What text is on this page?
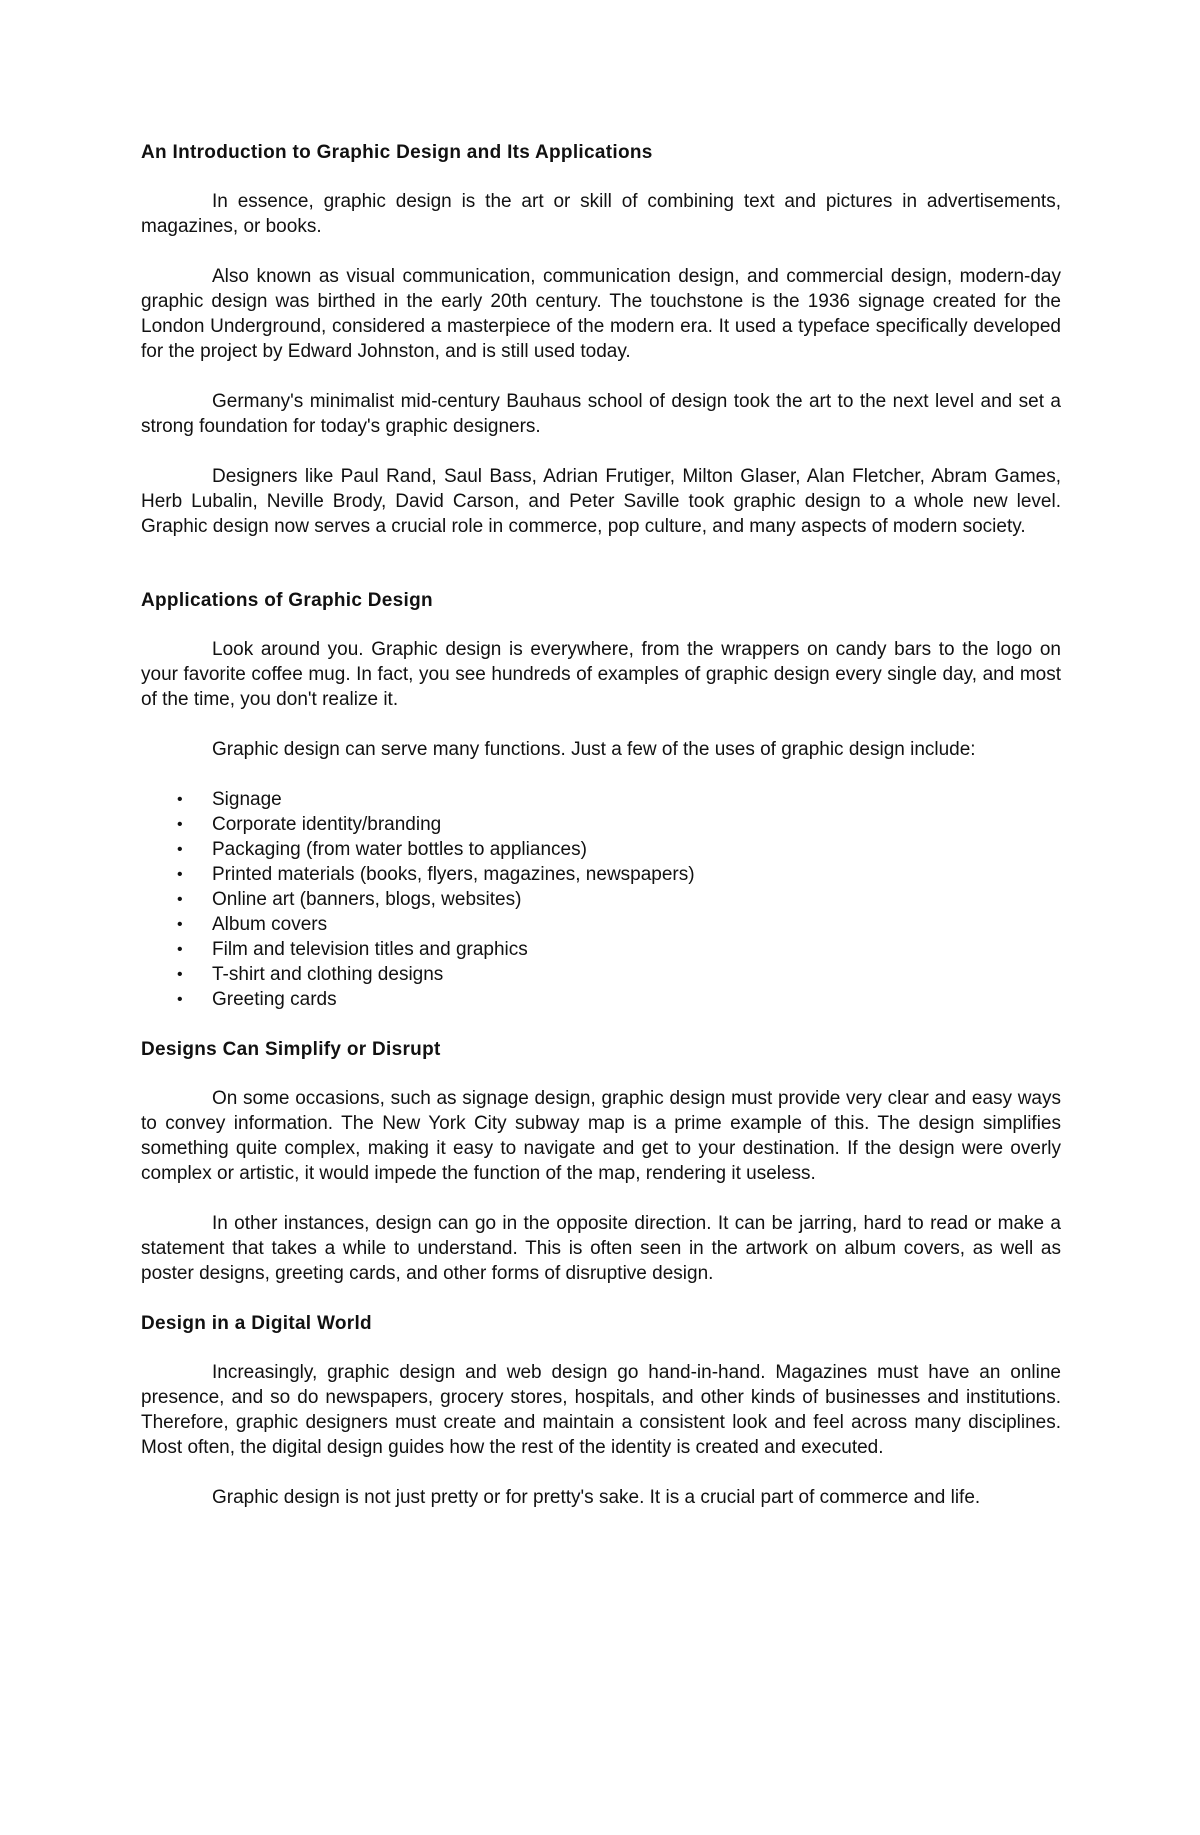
An Introduction to Graphic Design and Its Applications

In essence, graphic design is the art or skill of combining text and pictures in advertisements, magazines, or books.

Also known as visual communication, communication design, and commercial design, modern-day graphic design was birthed in the early 20th century. The touchstone is the 1936 signage created for the London Underground, considered a masterpiece of the modern era. It used a typeface specifically developed for the project by Edward Johnston, and is still used today.

Germany's minimalist mid-century Bauhaus school of design took the art to the next level and set a strong foundation for today's graphic designers.

Designers like Paul Rand, Saul Bass, Adrian Frutiger, Milton Glaser, Alan Fletcher, Abram Games, Herb Lubalin, Neville Brody, David Carson, and Peter Saville took graphic design to a whole new level. Graphic design now serves a crucial role in commerce, pop culture, and many aspects of modern society.

Applications of Graphic Design

Look around you. Graphic design is everywhere, from the wrappers on candy bars to the logo on your favorite coffee mug. In fact, you see hundreds of examples of graphic design every single day, and most of the time, you don't realize it.

Graphic design can serve many functions. Just a few of the uses of graphic design include:

• Signage
• Corporate identity/branding
• Packaging (from water bottles to appliances)
• Printed materials (books, flyers, magazines, newspapers)
• Online art (banners, blogs, websites)
• Album covers
• Film and television titles and graphics
• T-shirt and clothing designs
• Greeting cards
Designs Can Simplify or Disrupt

On some occasions, such as signage design, graphic design must provide very clear and easy ways to convey information. The New York City subway map is a prime example of this. The design simplifies something quite complex, making it easy to navigate and get to your destination. If the design were overly complex or artistic, it would impede the function of the map, rendering it useless.

In other instances, design can go in the opposite direction. It can be jarring, hard to read or make a statement that takes a while to understand. This is often seen in the artwork on album covers, as well as poster designs, greeting cards, and other forms of disruptive design.

Design in a Digital World

Increasingly, graphic design and web design go hand-in-hand. Magazines must have an online presence, and so do newspapers, grocery stores, hospitals, and other kinds of businesses and institutions. Therefore, graphic designers must create and maintain a consistent look and feel across many disciplines. Most often, the digital design guides how the rest of the identity is created and executed.

Graphic design is not just pretty or for pretty's sake. It is a crucial part of commerce and life.
